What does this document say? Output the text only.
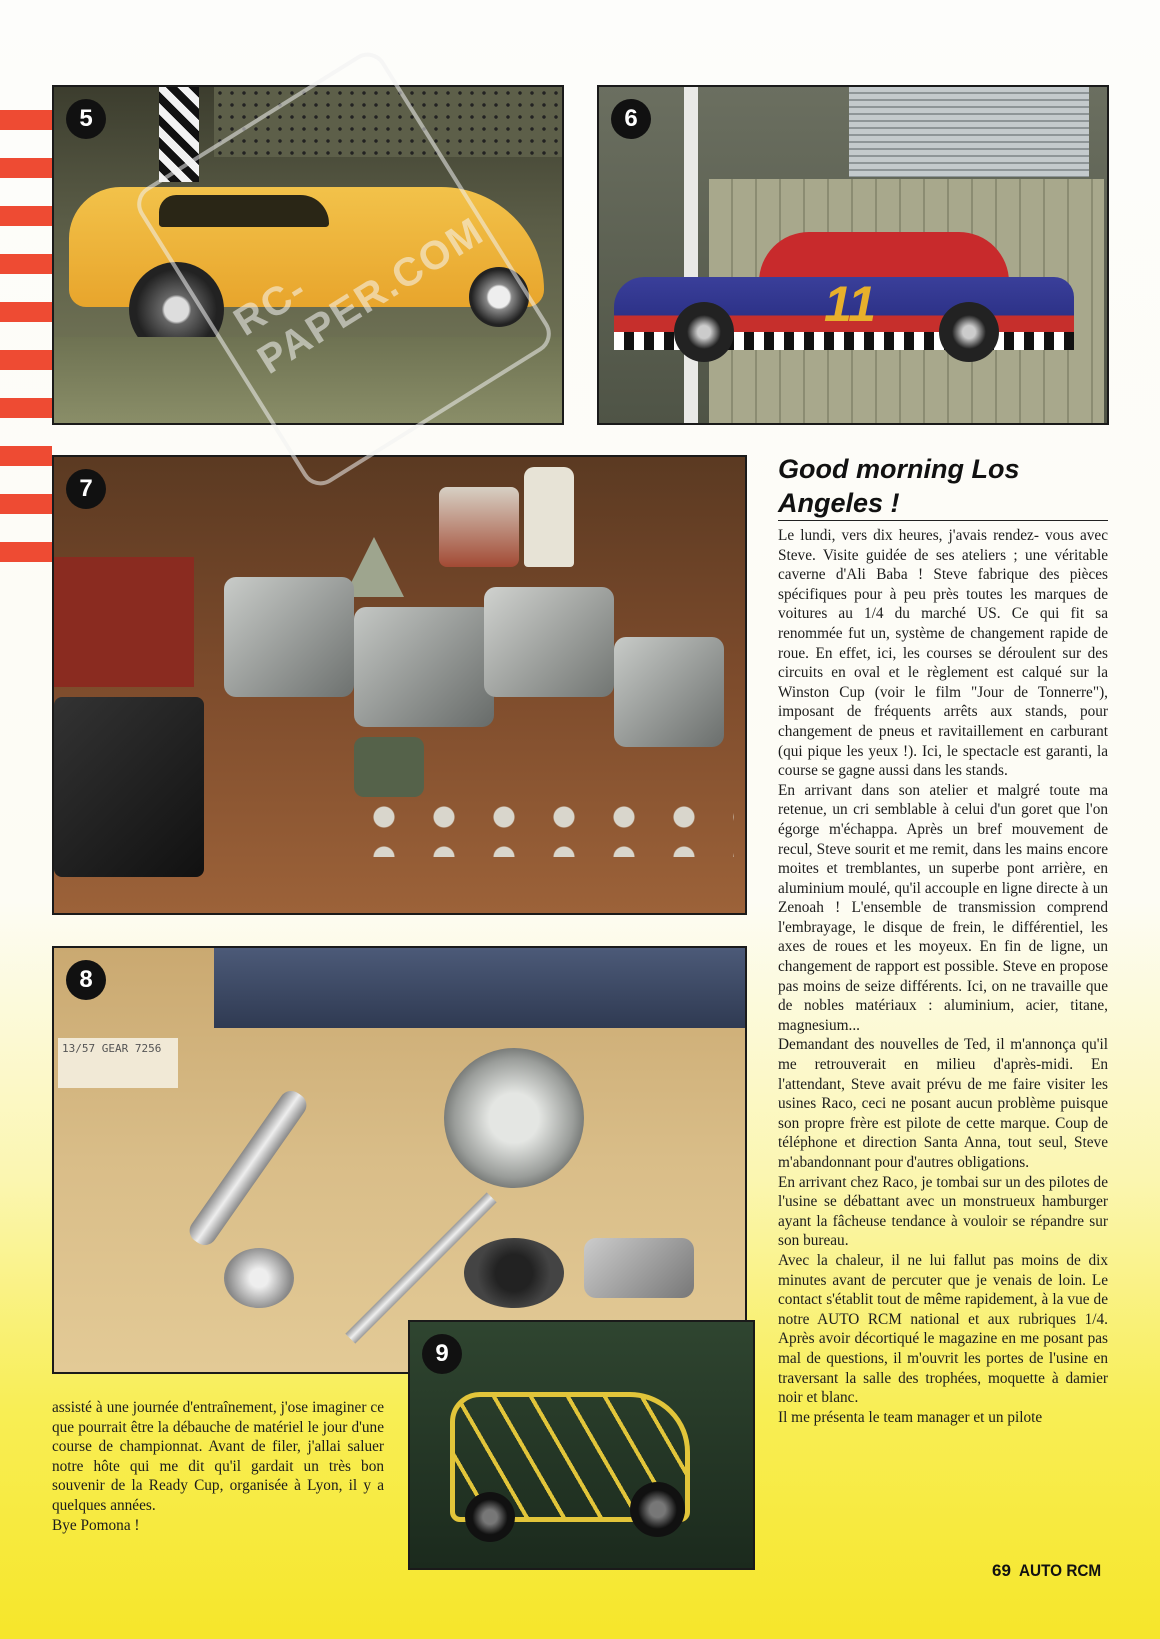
5	6
11
7
8
13/57 GEAR 7256
9
RC-PAPER.COM
Good morning Los Angeles !

Le lundi, vers dix heures, j'avais rendez- vous avec Steve. Visite guidée de ses ateliers ; une véritable caverne d'Ali Baba ! Steve fabrique des pièces spécifiques pour à peu près toutes les marques de voitures au 1/4 du marché US. Ce qui fit sa renommée fut un, système de changement rapide de roue. En effet, ici, les courses se déroulent sur des circuits en oval et le règlement est calqué sur la Winston Cup (voir le film "Jour de Tonnerre"), imposant de fréquents arrêts aux stands, pour changement de pneus et ravitaillement en carburant (qui pique les yeux !). Ici, le spectacle est garanti, la course se gagne aussi dans les stands.

En arrivant dans son atelier et malgré toute ma retenue, un cri semblable à celui d'un goret que l'on égorge m'échappa. Après un bref mouvement de recul, Steve sourit et me remit, dans les mains encore moites et tremblantes, un superbe pont arrière, en aluminium moulé, qu'il accouple en ligne directe à un Zenoah ! L'ensemble de transmission comprend l'embrayage, le disque de frein, le différentiel, les axes de roues et les moyeux. En fin de ligne, un changement de rapport est possible. Steve en propose pas moins de seize différents. Ici, on ne travaille que de nobles matériaux : aluminium, acier, titane, magnesium...

Demandant des nouvelles de Ted, il m'annonça qu'il me retrouverait en milieu d'après-midi. En l'attendant, Steve avait prévu de me faire visiter les usines Raco, ceci ne posant aucun problème puisque son propre frère est pilote de cette marque. Coup de téléphone et direction Santa Anna, tout seul, Steve m'abandonnant pour d'autres obligations.

En arrivant chez Raco, je tombai sur un des pilotes de l'usine se débattant avec un monstrueux hamburger ayant la fâcheuse tendance à vouloir se répandre sur son bureau.

Avec la chaleur, il ne lui fallut pas moins de dix minutes avant de percuter que je venais de loin. Le contact s'établit tout de même rapidement, à la vue de notre AUTO RCM national et aux rubriques 1/4. Après avoir décortiqué le magazine en me posant pas mal de questions, il m'ouvrit les portes de l'usine en traversant la salle des trophées, moquette à damier noir et blanc.

Il me présenta le team manager et un pilote

assisté à une journée d'entraînement, j'ose imaginer ce que pourrait être la débauche de matériel le jour d'une course de championnat. Avant de filer, j'allai saluer notre hôte qui me dit qu'il gardait un très bon souvenir de la Ready Cup, organisée à Lyon, il y a quelques années.

Bye Pomona !

69 AUTO RCM
